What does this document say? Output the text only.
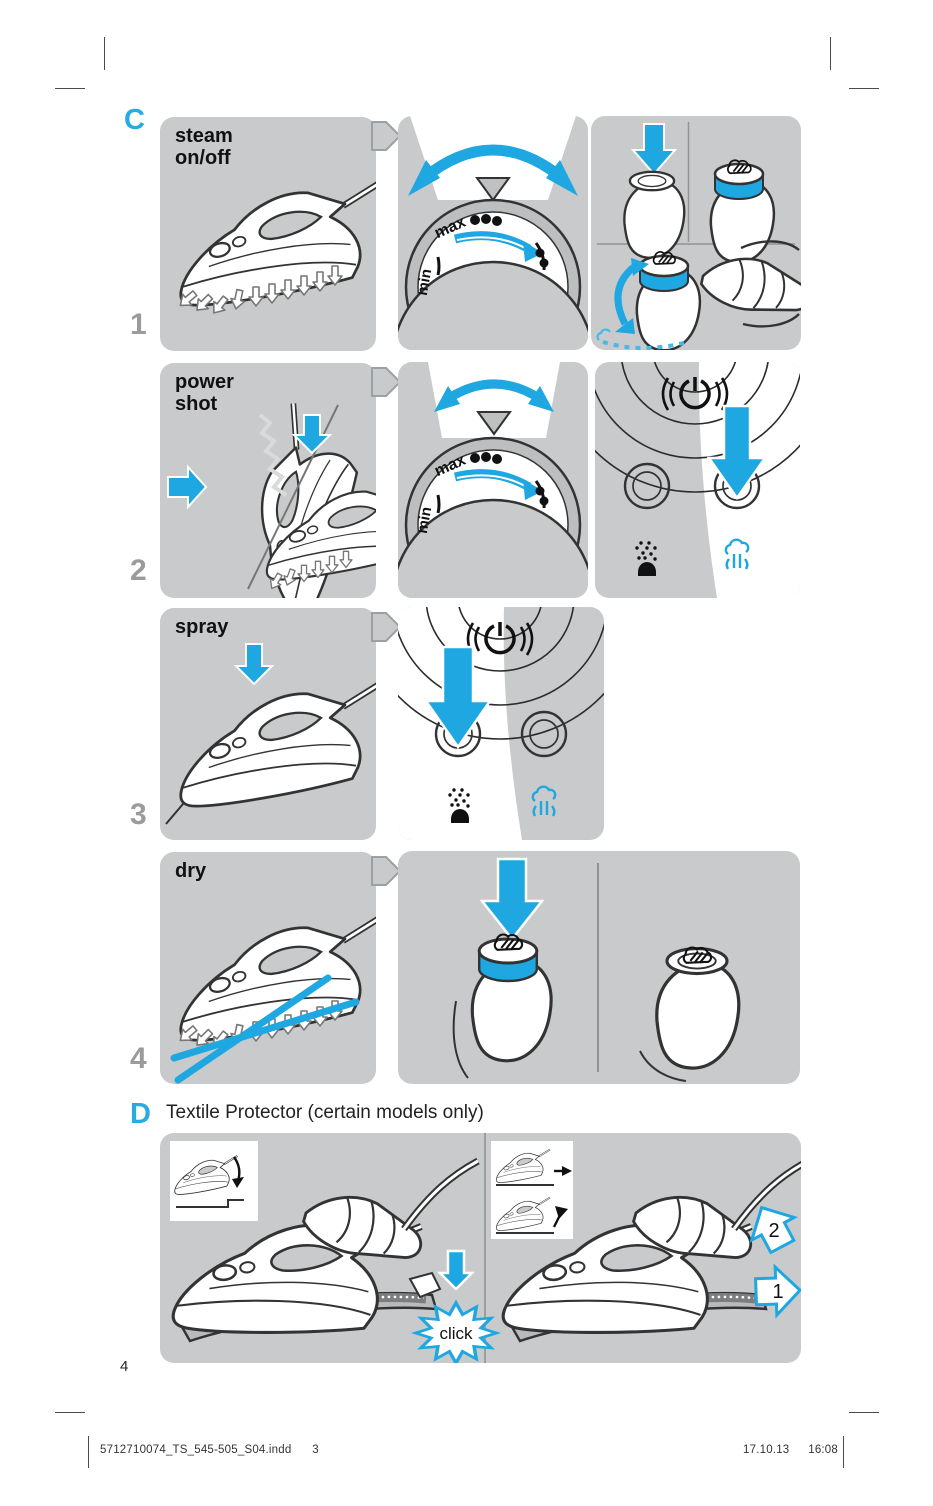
C steam
on/off
1
power
shot
2
spray
3
dry
4
D Textile Protector (certain models only)
click
2
1
4
5712710074_TS_545-505_S04.indd 3	17.10.13 16:08
